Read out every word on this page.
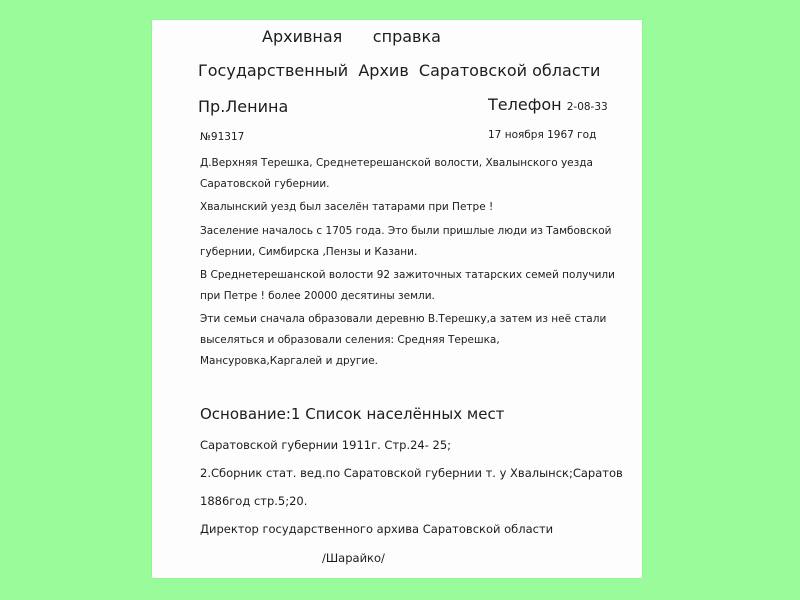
Архивная      справка
Государственный  Архив  Саратовской области
Пр.Ленина	Телефон 2-08-33
№91317	17 ноября 1967 год
Д.Верхняя Терешка, Среднетерешанской волости, Хвалынского уезда Саратовской губернии.
Хвалынский уезд был заселён татарами при Петре !
Заселение началось с 1705 года. Это были пришлые люди из Тамбовской губернии, Симбирска ,Пензы и Казани.
В Среднетерешанской волости 92 зажиточных татарских семей получили при Петре ! более 20000 десятины земли.
Эти семьи сначала образовали деревню В.Терешку,а затем из неё стали выселяться и образовали селения: Средняя Терешка, Мансуровка,Каргалей и другие.
Основание:1 Список населённых мест
Саратовской губернии 1911г. Стр.24- 25;
2.Сборник стат. вед.по Саратовской губернии т. у Хвалынск;Саратов
1886год стр.5;20.
Директор государственного архива Саратовской области
/Шарайко/
